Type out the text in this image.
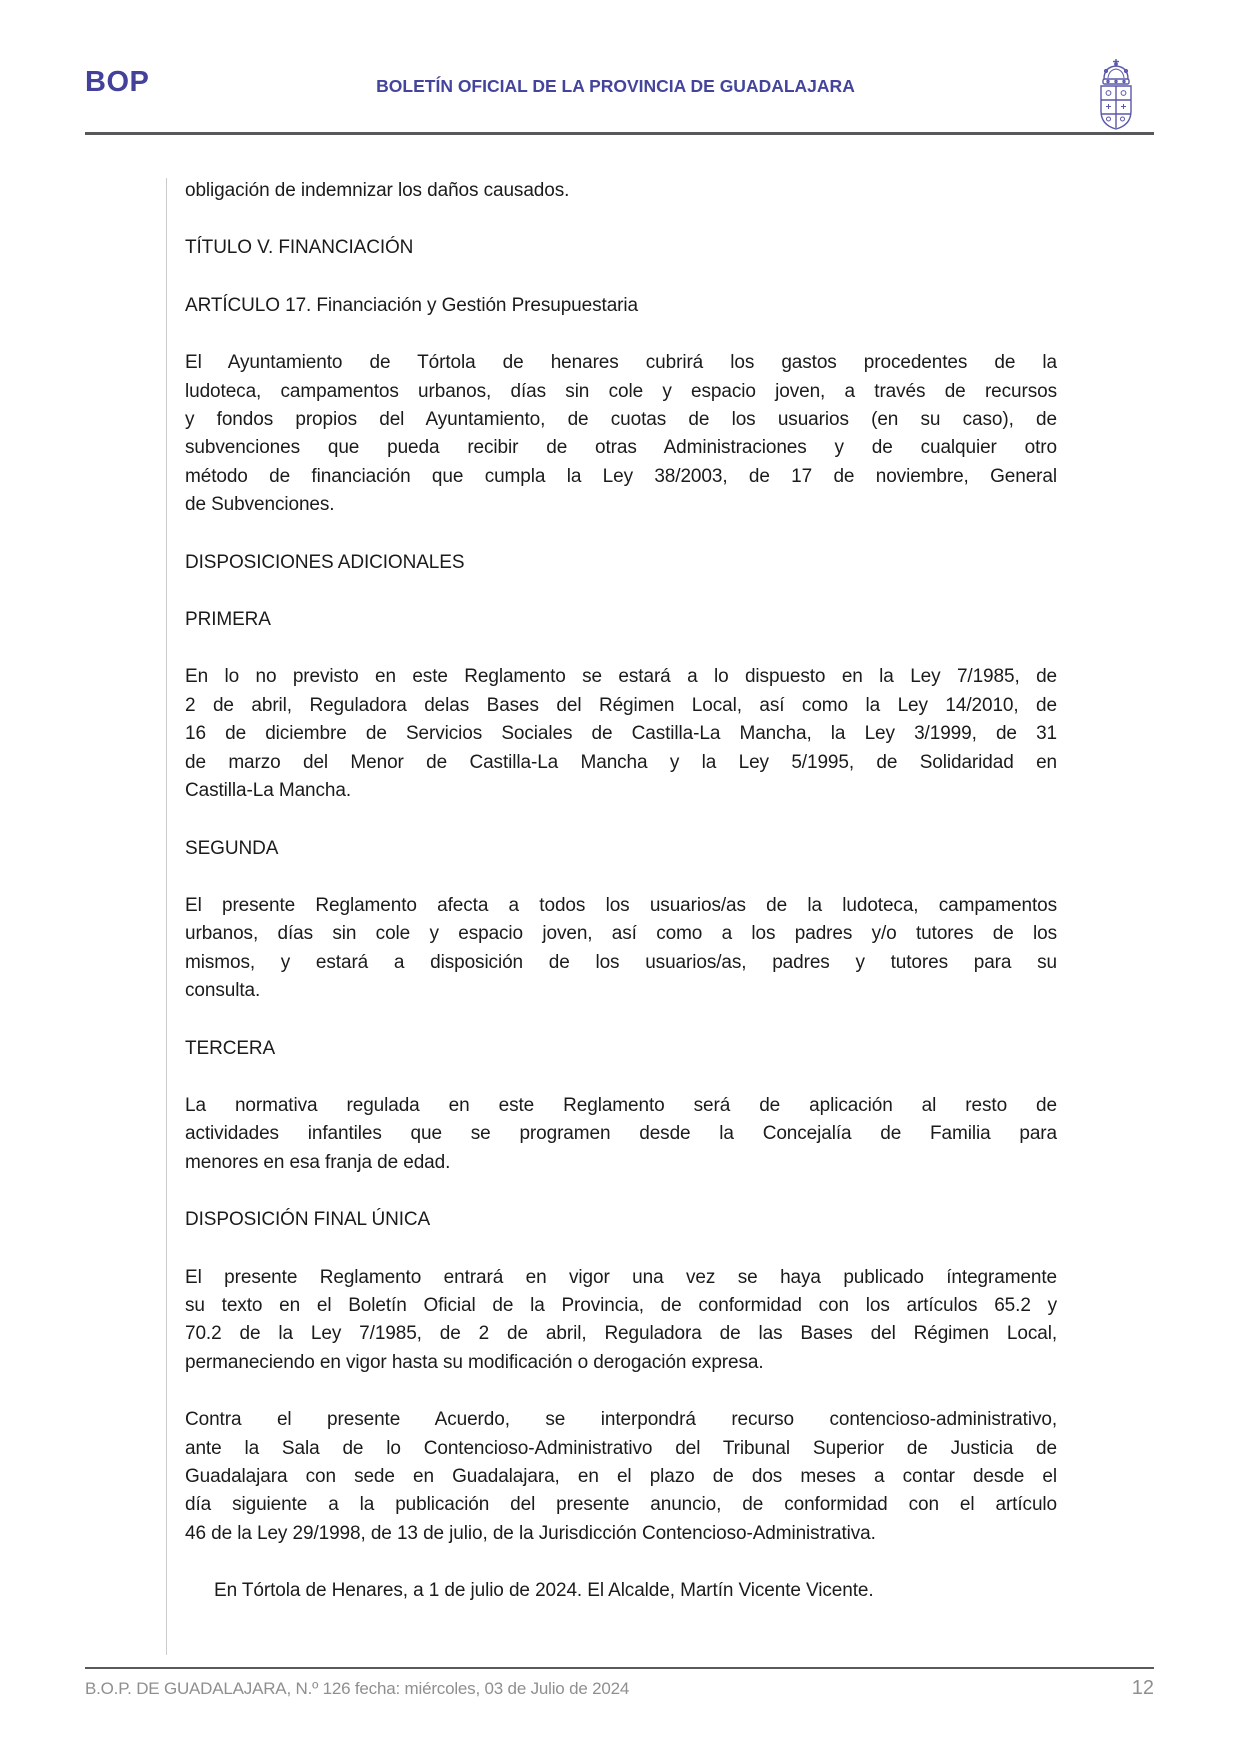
BOP	BOLETÍN OFICIAL DE LA PROVINCIA DE GUADALAJARA
obligación de indemnizar los daños causados.
TÍTULO V. FINANCIACIÓN
ARTÍCULO 17. Financiación y Gestión Presupuestaria
El Ayuntamiento de Tórtola de henares cubrirá los gastos procedentes de la
ludoteca, campamentos urbanos, días sin cole y espacio joven, a través de recursos
y fondos propios del Ayuntamiento, de cuotas de los usuarios (en su caso), de
subvenciones que pueda recibir de otras Administraciones y de cualquier otro
método de financiación que cumpla la Ley 38/2003, de 17 de noviembre, General
de Subvenciones.
DISPOSICIONES ADICIONALES
PRIMERA
En lo no previsto en este Reglamento se estará a lo dispuesto en la Ley 7/1985, de
2 de abril, Reguladora delas Bases del Régimen Local, así como la Ley 14/2010, de
16 de diciembre de Servicios Sociales de Castilla-La Mancha, la Ley 3/1999, de 31
de marzo del Menor de Castilla-La Mancha y la Ley 5/1995, de Solidaridad en
Castilla-La Mancha.
SEGUNDA
El presente Reglamento afecta a todos los usuarios/as de la ludoteca, campamentos
urbanos, días sin cole y espacio joven, así como a los padres y/o tutores de los
mismos, y estará a disposición de los usuarios/as, padres y tutores para su
consulta.
TERCERA
La normativa regulada en este Reglamento será de aplicación al resto de
actividades infantiles que se programen desde la Concejalía de Familia para
menores en esa franja de edad.
DISPOSICIÓN FINAL ÚNICA
El presente Reglamento entrará en vigor una vez se haya publicado íntegramente
su texto en el Boletín Oficial de la Provincia, de conformidad con los artículos 65.2 y
70.2 de la Ley 7/1985, de 2 de abril, Reguladora de las Bases del Régimen Local,
permaneciendo en vigor hasta su modificación o derogación expresa.
Contra el presente Acuerdo, se interpondrá recurso contencioso-administrativo,
ante la Sala de lo Contencioso-Administrativo del Tribunal Superior de Justicia de
Guadalajara con sede en Guadalajara, en el plazo de dos meses a contar desde el
día siguiente a la publicación del presente anuncio, de conformidad con el artículo
46 de la Ley 29/1998, de 13 de julio, de la Jurisdicción Contencioso-Administrativa.
En Tórtola de Henares, a 1 de julio de 2024. El Alcalde, Martín Vicente Vicente.
B.O.P. DE GUADALAJARA, N.º 126 fecha: miércoles, 03 de Julio de 2024	12
